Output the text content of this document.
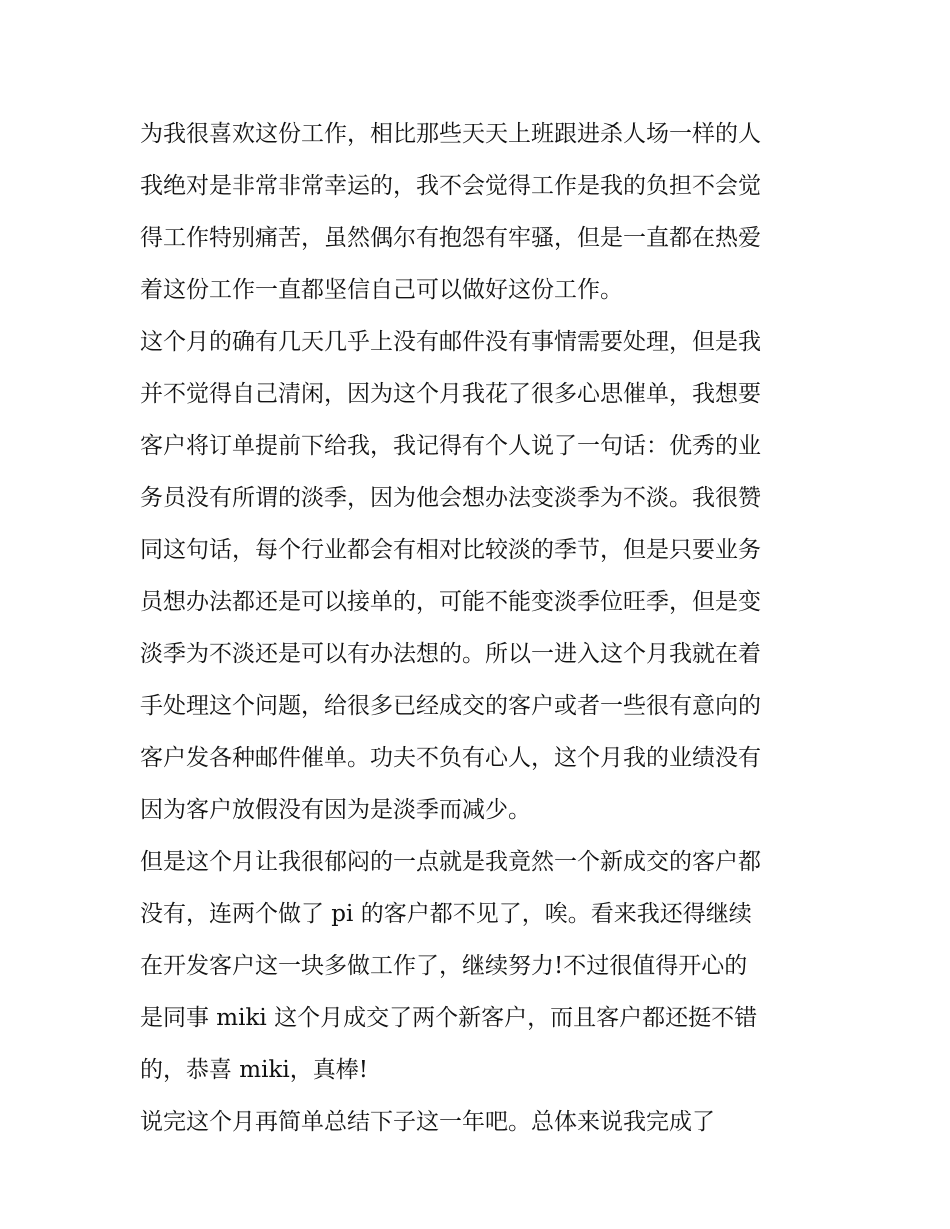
为我很喜欢这份工作，相比那些天天上班跟进杀人场一样的人
我绝对是非常非常幸运的，我不会觉得工作是我的负担不会觉
得工作特别痛苦，虽然偶尔有抱怨有牢骚，但是一直都在热爱
着这份工作一直都坚信自己可以做好这份工作。
这个月的确有几天几乎上没有邮件没有事情需要处理，但是我
并不觉得自己清闲，因为这个月我花了很多心思催单，我想要
客户将订单提前下给我，我记得有个人说了一句话：优秀的业
务员没有所谓的淡季，因为他会想办法变淡季为不淡。我很赞
同这句话，每个行业都会有相对比较淡的季节，但是只要业务
员想办法都还是可以接单的，可能不能变淡季位旺季，但是变
淡季为不淡还是可以有办法想的。所以一进入这个月我就在着
手处理这个问题，给很多已经成交的客户或者一些很有意向的
客户发各种邮件催单。功夫不负有心人，这个月我的业绩没有
因为客户放假没有因为是淡季而减少。
但是这个月让我很郁闷的一点就是我竟然一个新成交的客户都
没有，连两个做了 pi 的客户都不见了，唉。看来我还得继续
在开发客户这一块多做工作了，继续努力!不过很值得开心的
是同事 miki 这个月成交了两个新客户，而且客户都还挺不错
的，恭喜 miki，真棒!
说完这个月再简单总结下子这一年吧。总体来说我完成了
